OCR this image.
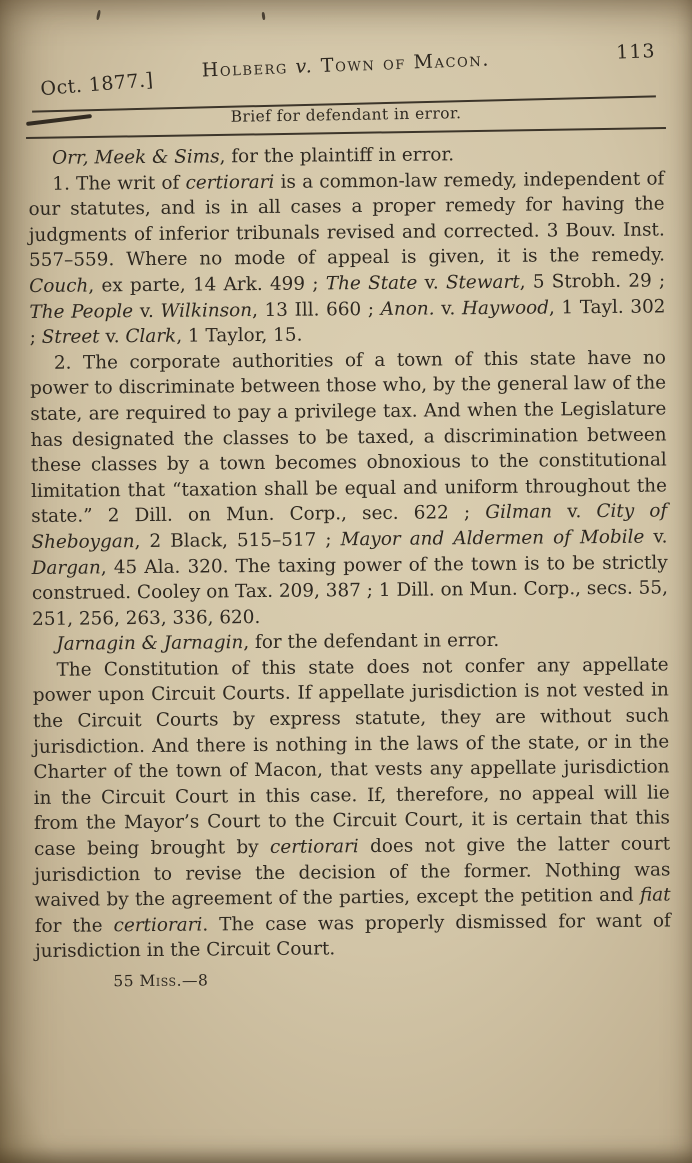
Oct. 1877.]
Holberg v. Town of Macon.	113
Brief for defendant in error.

Orr, Meek & Sims, for the plaintiff in error.

1. The writ of certiorari is a common-law remedy, independent of our statutes, and is in all cases a proper remedy for having the judgments of inferior tribunals revised and corrected. 3 Bouv. Inst. 557–559. Where no mode of appeal is given, it is the remedy. Couch, ex parte, 14 Ark. 499 ; The State v. Stewart, 5 Strobh. 29 ; The People v. Wilkinson, 13 Ill. 660 ; Anon. v. Haywood, 1 Tayl. 302 ; Street v. Clark, 1 Taylor, 15.

2. The corporate authorities of a town of this state have no power to discriminate between those who, by the general law of the state, are required to pay a privilege tax. And when the Legislature has designated the classes to be taxed, a discrimination between these classes by a town becomes obnoxious to the constitutional limitation that “taxation shall be equal and uniform throughout the state.” 2 Dill. on Mun. Corp., sec. 622 ; Gilman v. City of Sheboygan, 2 Black, 515–517 ; Mayor and Aldermen of Mobile v. Dargan, 45 Ala. 320. The taxing power of the town is to be strictly construed. Cooley on Tax. 209, 387 ; 1 Dill. on Mun. Corp., secs. 55, 251, 256, 263, 336, 620.

Jarnagin & Jarnagin, for the defendant in error.

The Constitution of this state does not confer any appellate power upon Circuit Courts. If appellate jurisdiction is not vested in the Circuit Courts by express statute, they are without such jurisdiction. And there is nothing in the laws of the state, or in the Charter of the town of Macon, that vests any appellate jurisdiction in the Circuit Court in this case. If, therefore, no appeal will lie from the Mayor’s Court to the Circuit Court, it is certain that this case being brought by certiorari does not give the latter court jurisdiction to revise the decision of the former. Nothing was waived by the agreement of the parties, except the petition and fiat for the certiorari. The case was properly dismissed for want of jurisdiction in the Circuit Court.

55 Miss.—8
